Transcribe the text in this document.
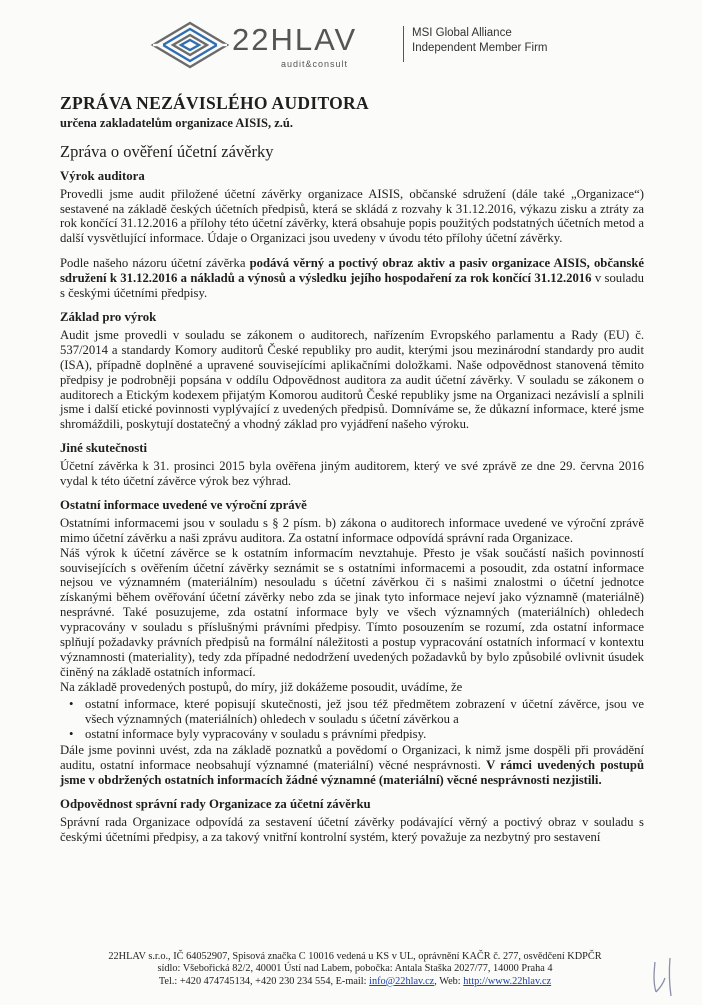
22HLAV
audit&consult
MSI Global Alliance
Independent Member Firm
ZPRÁVA NEZÁVISLÉHO AUDITORA
určena zakladatelům organizace AISIS, z.ú.
Zpráva o ověření účetní závěrky
Výrok auditora

Provedli jsme audit přiložené účetní závěrky organizace AISIS, občanské sdružení (dále také „Organizace“) sestavené na základě českých účetních předpisů, která se skládá z rozvahy k 31.12.2016, výkazu zisku a ztráty za rok končící 31.12.2016 a přílohy této účetní závěrky, která obsahuje popis použitých podstatných účetních metod a další vysvětlující informace. Údaje o Organizaci jsou uvedeny v úvodu této přílohy účetní závěrky.

Podle našeho názoru účetní závěrka podává věrný a poctivý obraz aktiv a pasiv organizace AISIS, občanské sdružení k 31.12.2016 a nákladů a výnosů a výsledku jejího hospodaření za rok končící 31.12.2016 v souladu s českými účetními předpisy.

Základ pro výrok

Audit jsme provedli v souladu se zákonem o auditorech, nařízením Evropského parlamentu a Rady (EU) č. 537/2014 a standardy Komory auditorů České republiky pro audit, kterými jsou mezinárodní standardy pro audit (ISA), případně doplněné a upravené souvisejícími aplikačními doložkami. Naše odpovědnost stanovená těmito předpisy je podrobněji popsána v oddílu Odpovědnost auditora za audit účetní závěrky. V souladu se zákonem o auditorech a Etickým kodexem přijatým Komorou auditorů České republiky jsme na Organizaci nezávislí a splnili jsme i další etické povinnosti vyplývající z uvedených předpisů. Domníváme se, že důkazní informace, které jsme shromáždili, poskytují dostatečný a vhodný základ pro vyjádření našeho výroku.

Jiné skutečnosti

Účetní závěrka k 31. prosinci 2015 byla ověřena jiným auditorem, který ve své zprávě ze dne 29. června 2016 vydal k této účetní závěrce výrok bez výhrad.

Ostatní informace uvedené ve výroční zprávě

Ostatními informacemi jsou v souladu s § 2 písm. b) zákona o auditorech informace uvedené ve výroční zprávě mimo účetní závěrku a naši zprávu auditora. Za ostatní informace odpovídá správní rada Organizace.

Náš výrok k účetní závěrce se k ostatním informacím nevztahuje. Přesto je však součástí našich povinností souvisejících s ověřením účetní závěrky seznámit se s ostatními informacemi a posoudit, zda ostatní informace nejsou ve významném (materiálním) nesouladu s účetní závěrkou či s našimi znalostmi o účetní jednotce získanými během ověřování účetní závěrky nebo zda se jinak tyto informace nejeví jako významně (materiálně) nesprávné. Také posuzujeme, zda ostatní informace byly ve všech významných (materiálních) ohledech vypracovány v souladu s příslušnými právními předpisy. Tímto posouzením se rozumí, zda ostatní informace splňují požadavky právních předpisů na formální náležitosti a postup vypracování ostatních informací v kontextu významnosti (materiality), tedy zda případné nedodržení uvedených požadavků by bylo způsobilé ovlivnit úsudek činěný na základě ostatních informací.

Na základě provedených postupů, do míry, již dokážeme posoudit, uvádíme, že

• ostatní informace, které popisují skutečnosti, jež jsou též předmětem zobrazení v účetní závěrce, jsou ve všech významných (materiálních) ohledech v souladu s účetní závěrkou a
• ostatní informace byly vypracovány v souladu s právními předpisy.

Dále jsme povinni uvést, zda na základě poznatků a povědomí o Organizaci, k nimž jsme dospěli při provádění auditu, ostatní informace neobsahují významné (materiální) věcné nesprávnosti. V rámci uvedených postupů jsme v obdržených ostatních informacích žádné významné (materiální) věcné nesprávnosti nezjistili.

Odpovědnost správní rady Organizace za účetní závěrku

Správní rada Organizace odpovídá za sestavení účetní závěrky podávající věrný a poctivý obraz v souladu s českými účetními předpisy, a za takový vnitřní kontrolní systém, který považuje za nezbytný pro sestavení

22HLAV s.r.o., IČ 64052907, Spisová značka C 10016 vedená u KS v UL, oprávnění KAČR č. 277, osvědčení KDPČR
sídlo: Všebořická 82/2, 40001 Ústí nad Labem, pobočka: Antala Staška 2027/77, 14000 Praha 4
Tel.: +420 474745134, +420 230 234 554, E-mail: info@22hlav.cz, Web: http://www.22hlav.cz
